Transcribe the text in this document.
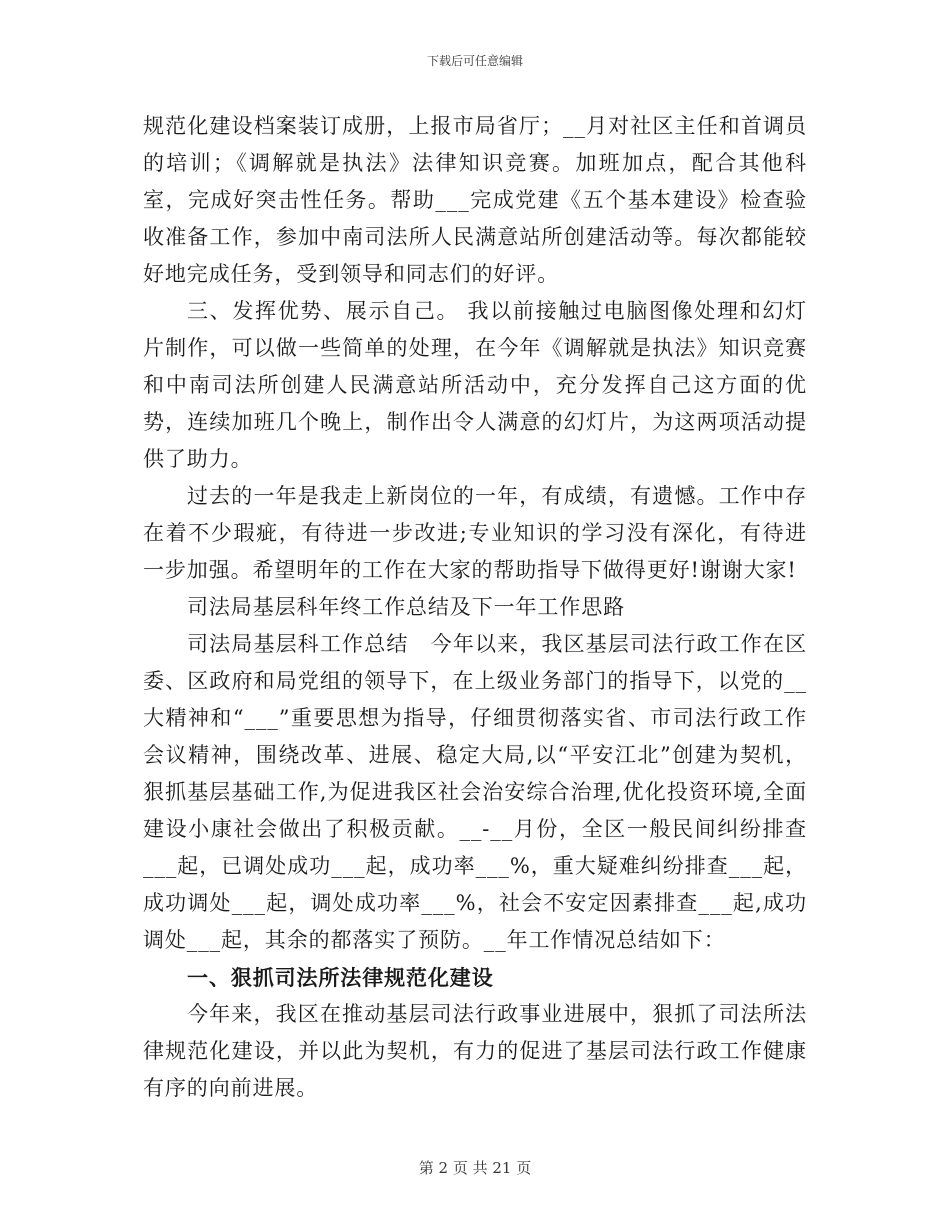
下载后可任意编辑

规范化建设档案装订成册，上报市局省厅；__月对社区主任和首调员的培训；《调解就是执法》法律知识竞赛。加班加点，配合其他科室，完成好突击性任务。帮助___完成党建《五个基本建设》检查验收准备工作，参加中南司法所人民满意站所创建活动等。每次都能较好地完成任务，受到领导和同志们的好评。

三、发挥优势、展示自己。 我以前接触过电脑图像处理和幻灯片制作，可以做一些简单的处理，在今年《调解就是执法》知识竞赛和中南司法所创建人民满意站所活动中，充分发挥自己这方面的优势，连续加班几个晚上，制作出令人满意的幻灯片，为这两项活动提供了助力。

过去的一年是我走上新岗位的一年，有成绩，有遗憾。工作中存在着不少瑕疵，有待进一步改进;专业知识的学习没有深化，有待进一步加强。希望明年的工作在大家的帮助指导下做得更好!谢谢大家!

司法局基层科年终工作总结及下一年工作思路

司法局基层科工作总结　今年以来，我区基层司法行政工作在区委、区政府和局党组的领导下，在上级业务部门的指导下，以党的__大精神和“___”重要思想为指导，仔细贯彻落实省、市司法行政工作会议精神，围绕改革、进展、稳定大局,以“平安江北”创建为契机，狠抓基层基础工作,为促进我区社会治安综合治理,优化投资环境,全面建设小康社会做出了积极贡献。__-__月份，全区一般民间纠纷排查___起，已调处成功___起，成功率___%，重大疑难纠纷排查___起，成功调处___起，调处成功率___%，社会不安定因素排查___起,成功调处___起，其余的都落实了预防。__年工作情况总结如下：

一、狠抓司法所法律规范化建设

今年来，我区在推动基层司法行政事业进展中，狠抓了司法所法律规范化建设，并以此为契机，有力的促进了基层司法行政工作健康有序的向前进展。

第 2 页 共 21 页
